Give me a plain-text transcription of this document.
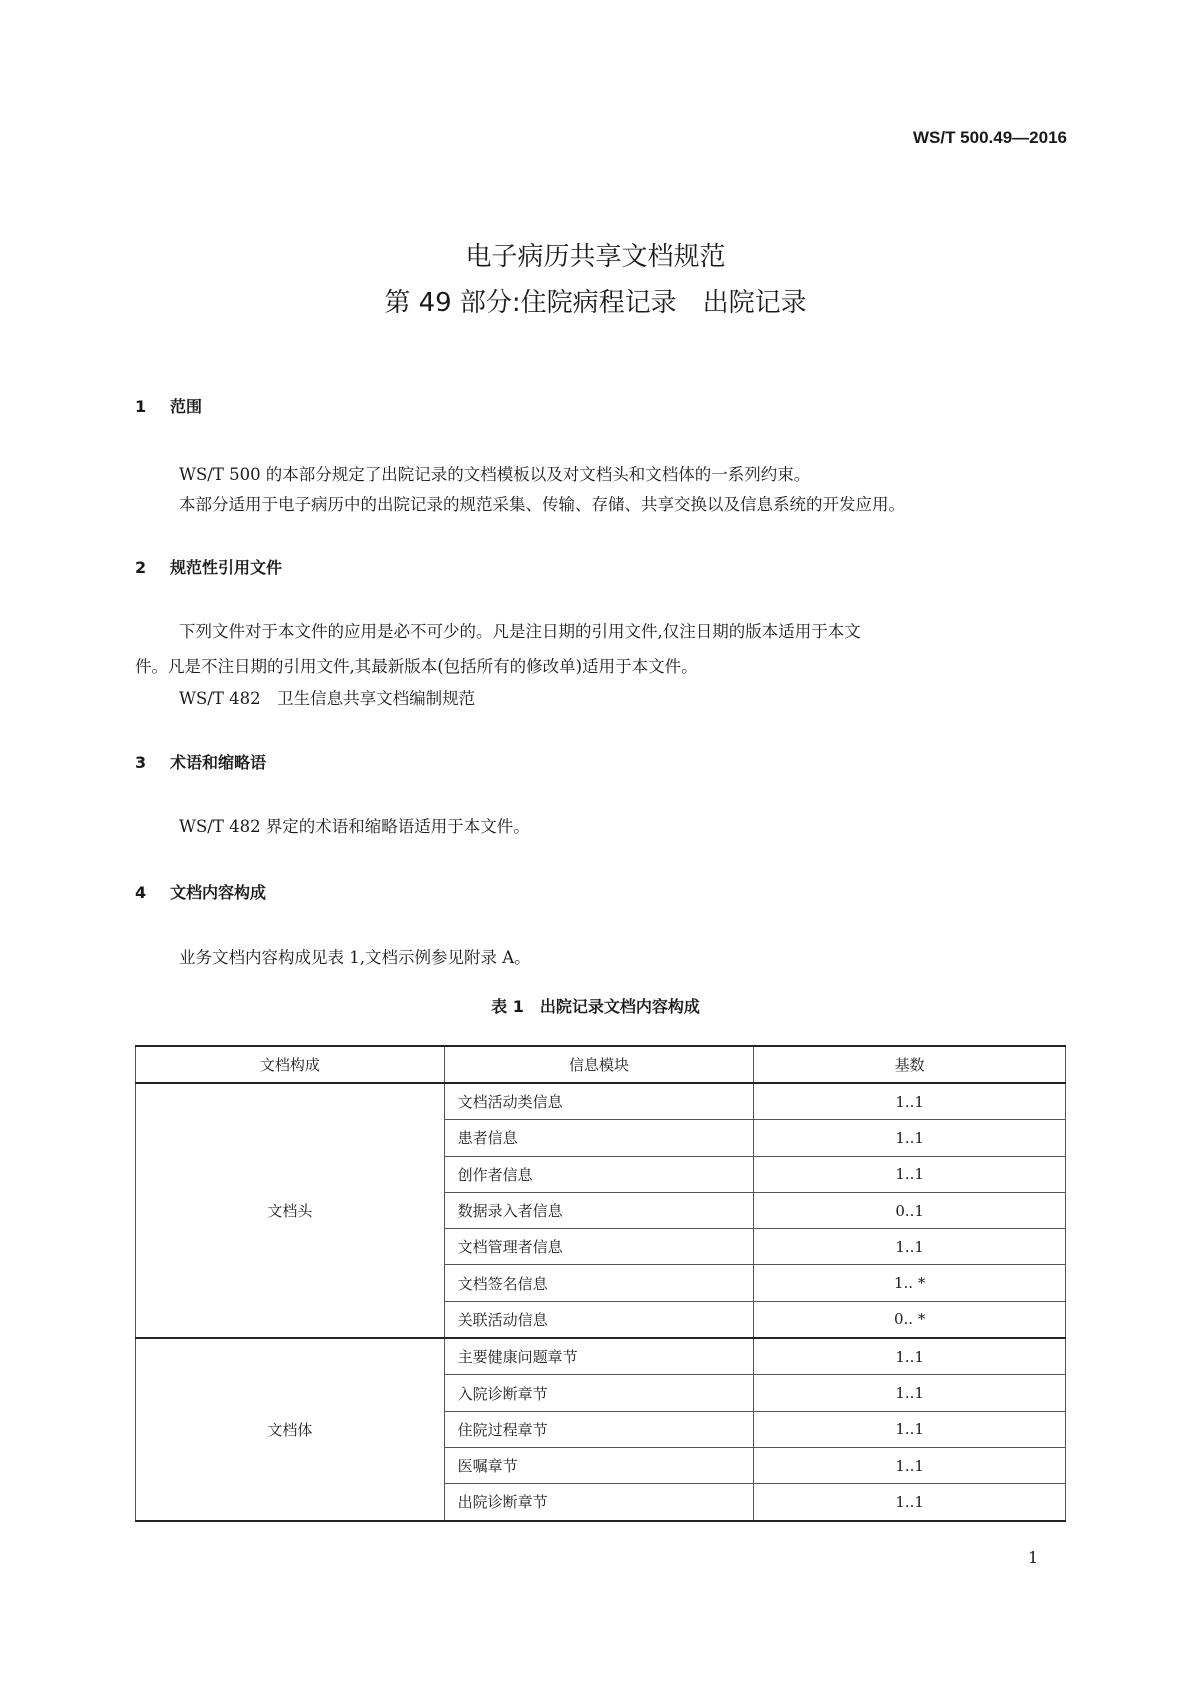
WS/T 500.49—2016
电子病历共享文档规范
第 49 部分:住院病程记录　出院记录
1 范围
WS/T 500 的本部分规定了出院记录的文档模板以及对文档头和文档体的一系列约束。
本部分适用于电子病历中的出院记录的规范采集、传输、存储、共享交换以及信息系统的开发应用。
2 规范性引用文件
下列文件对于本文件的应用是必不可少的。凡是注日期的引用文件,仅注日期的版本适用于本文
件。凡是不注日期的引用文件,其最新版本(包括所有的修改单)适用于本文件。
WS/T 482　卫生信息共享文档编制规范
3 术语和缩略语
WS/T 482 界定的术语和缩略语适用于本文件。
4 文档内容构成
业务文档内容构成见表 1,文档示例参见附录 A。
表 1　出院记录文档内容构成
文档构成	信息模块	基数
文档头	文档活动类信息	1..1
	患者信息	1..1
	创作者信息	1..1
	数据录入者信息	0..1
	文档管理者信息	1..1
	文档签名信息	1.. *
	关联活动信息	0.. *
文档体	主要健康问题章节	1..1
	入院诊断章节	1..1
	住院过程章节	1..1
	医嘱章节	1..1
	出院诊断章节	1..1
1
